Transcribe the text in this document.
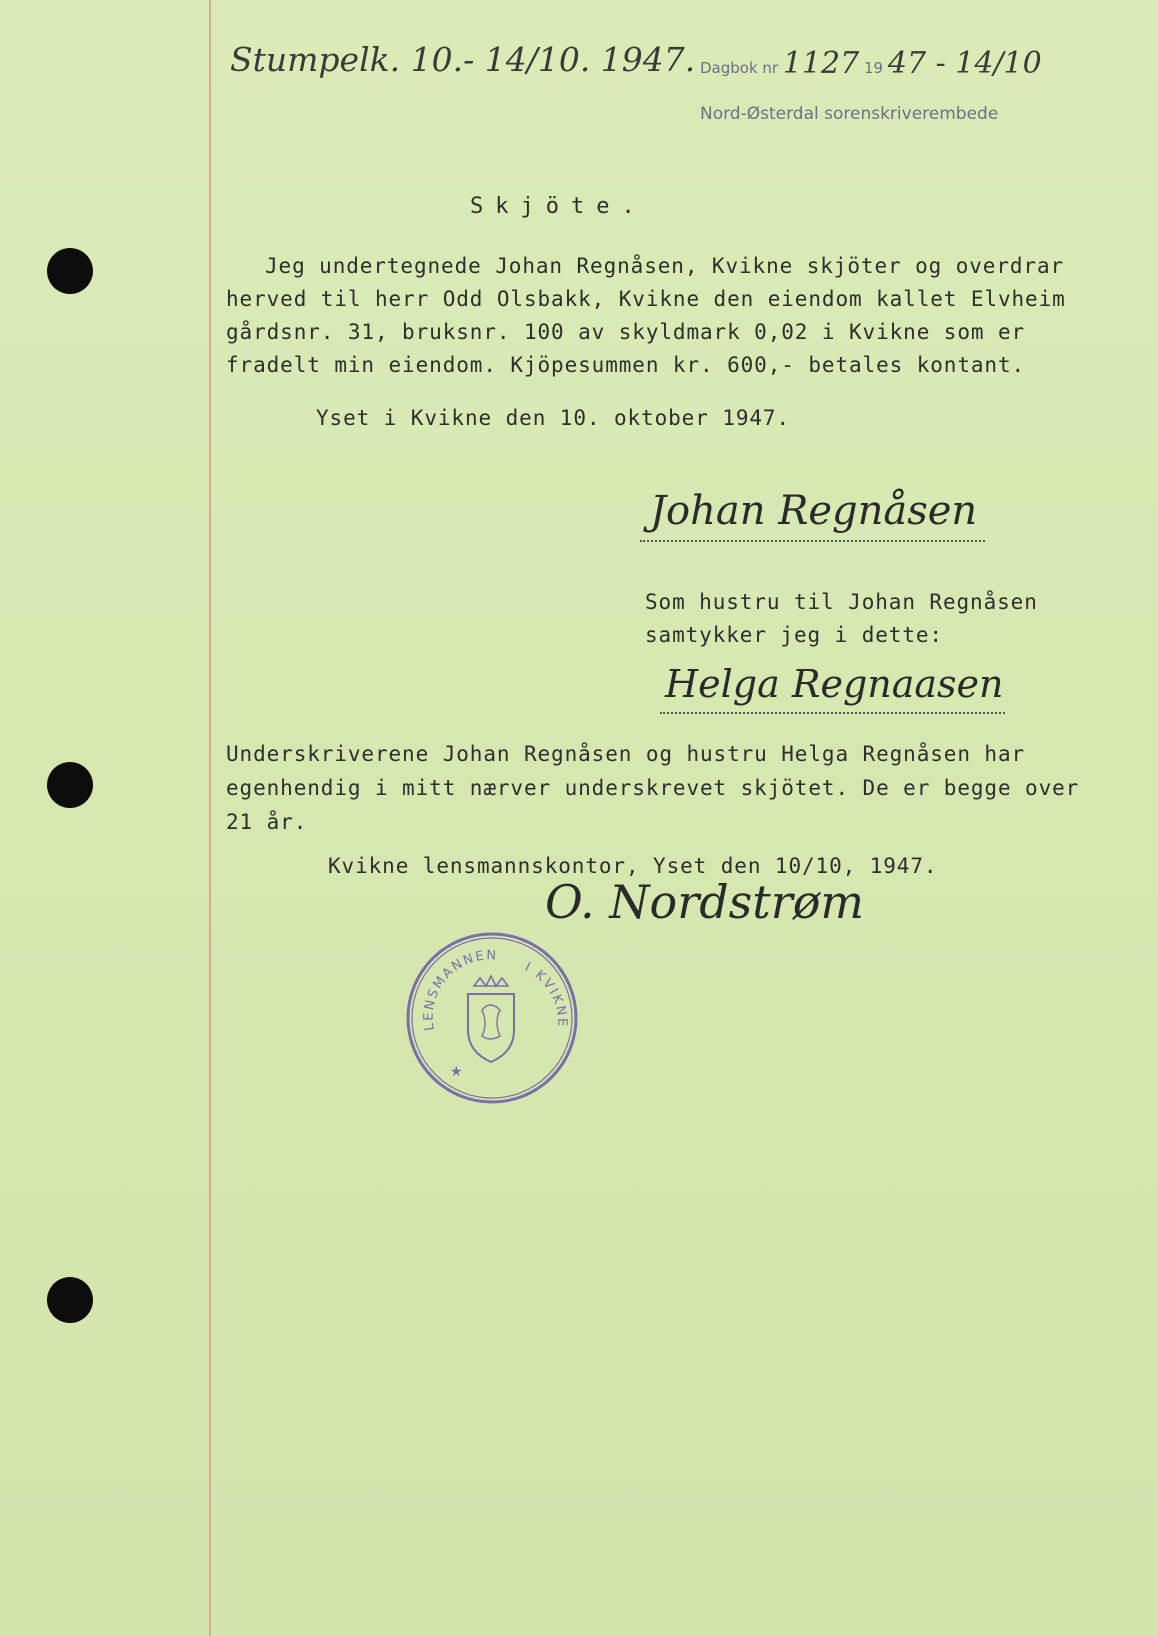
Stumpelk. 10.- 14/10. 1947. Dagbok nr 1127 19 47 - 14/10
Nord-Østerdal sorenskriverembede
Skjöte.
Jeg undertegnede Johan Regnåsen, Kvikne skjöter og overdrar
herved til herr Odd Olsbakk, Kvikne den eiendom kallet Elvheim
gårdsnr. 31, bruksnr. 100 av skyldmark 0,02 i Kvikne som er
fradelt min eiendom. Kjöpesummen kr. 600,- betales kontant.
Yset i Kvikne den 10. oktober 1947.
Johan Regnåsen
Som hustru til Johan Regnåsen
samtykker jeg i dette:
Helga Regnaasen
Underskriverene Johan Regnåsen og hustru Helga Regnåsen har
egenhendig i mitt nærver underskrevet skjötet. De er begge over
21 år.
Kvikne lensmannskontor, Yset den 10/10, 1947.
O. Nordstrøm
LENSMANNEN
I KVIKNE
★
